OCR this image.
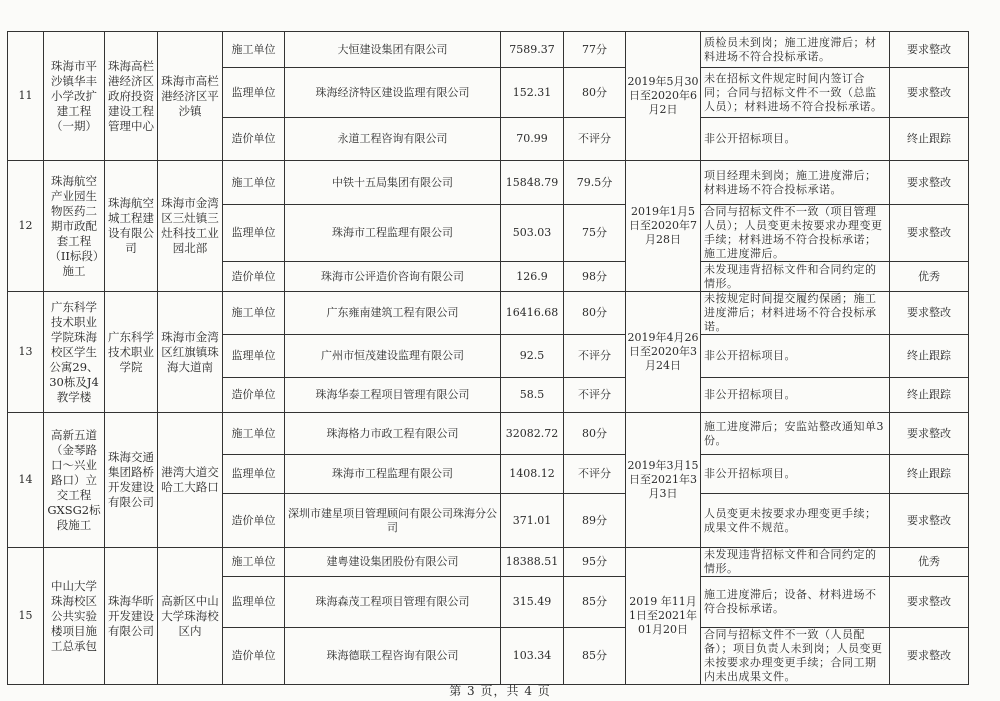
11	珠海市平沙镇华丰小学改扩建工程（一期）	珠海高栏港经济区政府投资建设工程管理中心	珠海市高栏港经济区平沙镇	施工单位	大恒建设集团有限公司	7589.37	77分	2019年5月30日至2020年6月2日	质检员未到岗；施工进度滞后；材料进场不符合投标承诺。	要求整改
				监理单位	珠海经济特区建设监理有限公司	152.31	80分		未在招标文件规定时间内签订合同；合同与招标文件不一致（总监人员）；材料进场不符合投标承诺。	要求整改
				造价单位	永道工程咨询有限公司	70.99	不评分		非公开招标项目。	终止跟踪
12	珠海航空产业园生物医药二期市政配套工程（II标段）施工	珠海航空城工程建设有限公司	珠海市金湾区三灶镇三灶科技工业园北部	施工单位	中铁十五局集团有限公司	15848.79	79.5分	2019年1月5日至2020年7月28日	项目经理未到岗；施工进度滞后；材料进场不符合投标承诺。	要求整改
				监理单位	珠海市工程监理有限公司	503.03	75分		合同与招标文件不一致（项目管理人员）；人员变更未按要求办理变更手续；材料进场不符合投标承诺；施工进度滞后。	要求整改
				造价单位	珠海市公评造价咨询有限公司	126.9	98分		未发现违背招标文件和合同约定的情形。	优秀
13	广东科学技术职业学院珠海校区学生公寓29、30栋及J4教学楼	广东科学技术职业学院	珠海市金湾区红旗镇珠海大道南	施工单位	广东雍南建筑工程有限公司	16416.68	80分	2019年4月26日至2020年3月24日	未按规定时间提交履约保函；施工进度滞后；材料进场不符合投标承诺。	要求整改
				监理单位	广州市恒茂建设监理有限公司	92.5	不评分		非公开招标项目。	终止跟踪
				造价单位	珠海华泰工程项目管理有限公司	58.5	不评分		非公开招标项目。	终止跟踪
14	高新五道（金琴路口～兴业路口）立交工程GXSG2标段施工	珠海交通集团路桥开发建设有限公司	港湾大道交哈工大路口	施工单位	珠海格力市政工程有限公司	32082.72	80分	2019年3月15日至2021年3月3日	施工进度滞后；安监站整改通知单3份。	要求整改
				监理单位	珠海市工程监理有限公司	1408.12	不评分		非公开招标项目。	终止跟踪
				造价单位	深圳市建星项目管理顾问有限公司珠海分公司	371.01	89分		人员变更未按要求办理变更手续；成果文件不规范。	要求整改
15	中山大学珠海校区公共实验楼项目施工总承包	珠海华昕开发建设有限公司	高新区中山大学珠海校区内	施工单位	建粤建设集团股份有限公司	18388.51	95分	2019 年11月1日至2021年01月20日	未发现违背招标文件和合同约定的情形。	优秀
				监理单位	珠海森茂工程项目管理有限公司	315.49	85分		施工进度滞后；设备、材料进场不符合投标承诺。	要求整改
				造价单位	珠海德联工程咨询有限公司	103.34	85分		合同与招标文件不一致（人员配备）；项目负责人未到岗；人员变更未按要求办理变更手续；合同工期内未出成果文件。	要求整改
第 3 页，共 4 页
